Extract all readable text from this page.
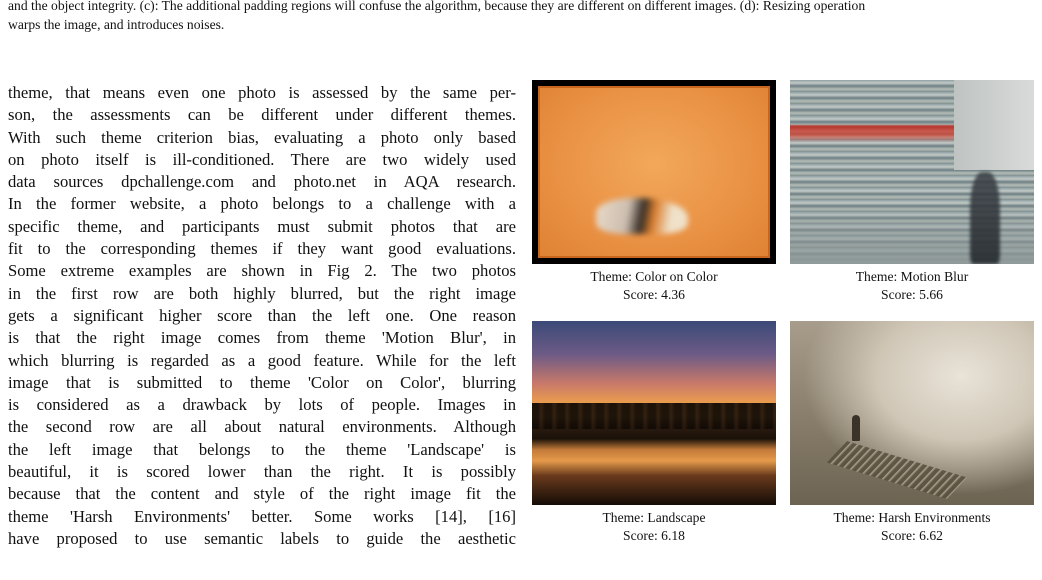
and the object integrity. (c): The additional padding regions will confuse the algorithm, because they are different on different images. (d): Resizing operation
warps the image, and introduces noises.
theme, that means even one photo is assessed by the same per-
son, the assessments can be different under different themes.
With such theme criterion bias, evaluating a photo only based
on photo itself is ill-conditioned. There are two widely used
data sources dpchallenge.com and photo.net in AQA research.
In the former website, a photo belongs to a challenge with a
specific theme, and participants must submit photos that are
fit to the corresponding themes if they want good evaluations.
Some extreme examples are shown in Fig 2. The two photos
in the first row are both highly blurred, but the right image
gets a significant higher score than the left one. One reason
is that the right image comes from theme 'Motion Blur', in
which blurring is regarded as a good feature. While for the left
image that is submitted to theme 'Color on Color', blurring
is considered as a drawback by lots of people. Images in
the second row are all about natural environments. Although
the left image that belongs to the theme 'Landscape' is
beautiful, it is scored lower than the right. It is possibly
because that the content and style of the right image fit the
theme 'Harsh Environments' better. Some works [14], [16]
have proposed to use semantic labels to guide the aesthetic
Theme: Color on Color
Score: 4.36
Theme: Motion Blur
Score: 5.66
Theme: Landscape
Score: 6.18
Theme: Harsh Environments
Score: 6.62
